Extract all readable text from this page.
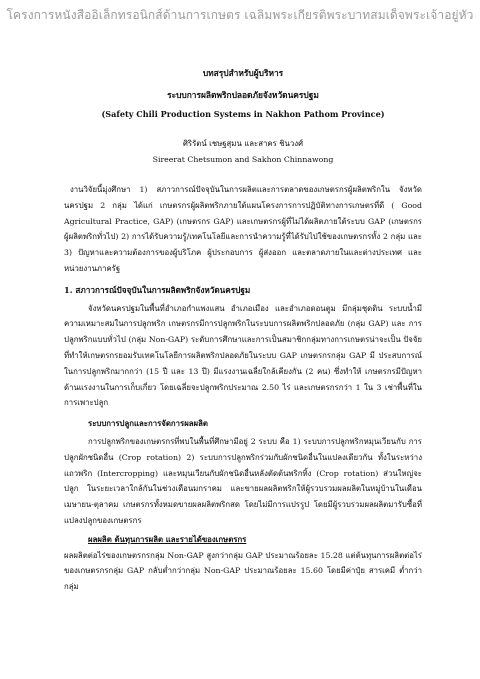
โครงการหนังสืออิเล็กทรอนิกส์ด้านการเกษตร เฉลิมพระเกียรติพระบาทสมเด็จพระเจ้าอยู่หัว
บทสรุปสำหรับผู้บริหาร
ระบบการผลิตพริกปลอดภัยจังหวัดนครปฐม
(Safety Chili Production Systems in Nakhon Pathom Province)
ศิริรัตน์ เชษฐสุมน และสาคร ชินวงศ์
Sireerat Chetsumon and Sakhon Chinnawong

งานวิจัยนี้มุ่งศึกษา 1) สภาวการณ์ปัจจุบันในการผลิตและการตลาดของเกษตรกรผู้ผลิตพริกใน จังหวัดนครปฐม 2 กลุ่ม ได้แก่ เกษตรกรผู้ผลิตพริกภายใต้แผนโครงการการปฏิบัติทางการเกษตรที่ดี ( Good Agricultural Practice, GAP) (เกษตรกร GAP) และเกษตรกรผู้ที่ไม่ได้ผลิตภายใต้ระบบ GAP (เกษตรกร ผู้ผลิตพริกทั่วไป) 2) การได้รับความรู้/เทคโนโลยีและการนำความรู้ที่ได้รับไปใช้ของเกษตรกรทั้ง 2 กลุ่ม และ 3) ปัญหาและความต้องการของผู้บริโภค ผู้ประกอบการ ผู้ส่งออก และตลาดภายในและต่างประเทศ และหน่วยงานภาครัฐ

1. สภาวการณ์ปัจจุบันในการผลิตพริกจังหวัดนครปฐม

จังหวัดนครปฐมในพื้นที่อำเภอกำแพงแสน อำเภอเมือง และอำเภอดอนตูม มีกลุ่มชุดดิน ระบบน้ำมี ความเหมาะสมในการปลูกพริก เกษตรกรมีการปลูกพริกในระบบการผลิตพริกปลอดภัย (กลุ่ม GAP) และ การปลูกพริกแบบทั่วไป (กลุ่ม Non-GAP) ระดับการศึกษาและการเป็นสมาชิกกลุ่มทางการเกษตรน่าจะเป็น ปัจจัยที่ทำให้เกษตรกรยอมรับเทคโนโลยีการผลิตพริกปลอดภัยในระบบ GAP เกษตรกรกลุ่ม GAP มี ประสบการณ์ในการปลูกพริกมากกว่า (15 ปี และ 13 ปี) มีแรงงานเฉลี่ยใกล้เคียงกัน (2 คน) ซึ่งทำให้ เกษตรกรมีปัญหาด้านแรงงานในการเก็บเกี่ยว โดยเฉลี่ยจะปลูกพริกประมาณ 2.50 ไร่ และเกษตรกรกว่า 1 ใน 3 เช่าพื้นที่ในการเพาะปลูก

ระบบการปลูกและการจัดการผลผลิต

การปลูกพริกของเกษตรกรที่พบในพื้นที่ศึกษามีอยู่ 2 ระบบ คือ 1) ระบบการปลูกพริกหมุนเวียนกับ การปลูกผักชนิดอื่น (Crop rotation) 2) ระบบการปลูกพริกร่วมกับผักชนิดอื่นในแปลงเดียวกัน ทั้งในระหว่าง แถวพริก (Intercropping) และหมุนเวียนกับผักชนิดอื่นหลังตัดต้นพริกทิ้ง (Crop rotation) ส่วนใหญ่จะปลูก ในระยะเวลาใกล้กันในช่วงเดือนมกราคม และขายผลผลิตพริกให้ผู้รวบรวมผลผลิตในหมู่บ้านในเดือน เมษายน-ตุลาคม เกษตรกรทั้งหมดขายผลผลิตพริกสด โดยไม่มีการแปรรูป โดยมีผู้รวบรวมผลผลิตมารับซื้อที่ แปลงปลูกของเกษตรกร

ผลผลิต ต้นทุนการผลิต และรายได้ของเกษตรกร

ผลผลิตต่อไร่ของเกษตรกรกลุ่ม Non-GAP สูงกว่ากลุ่ม GAP ประมาณร้อยละ 15.28 แต่ต้นทุนการผลิตต่อไร่ ของเกษตรกรกลุ่ม GAP กลับต่ำกว่ากลุ่ม Non-GAP ประมาณร้อยละ 15.60 โดยมีค่าปุ๋ย สารเคมี ต่ำกว่า กลุ่ม
